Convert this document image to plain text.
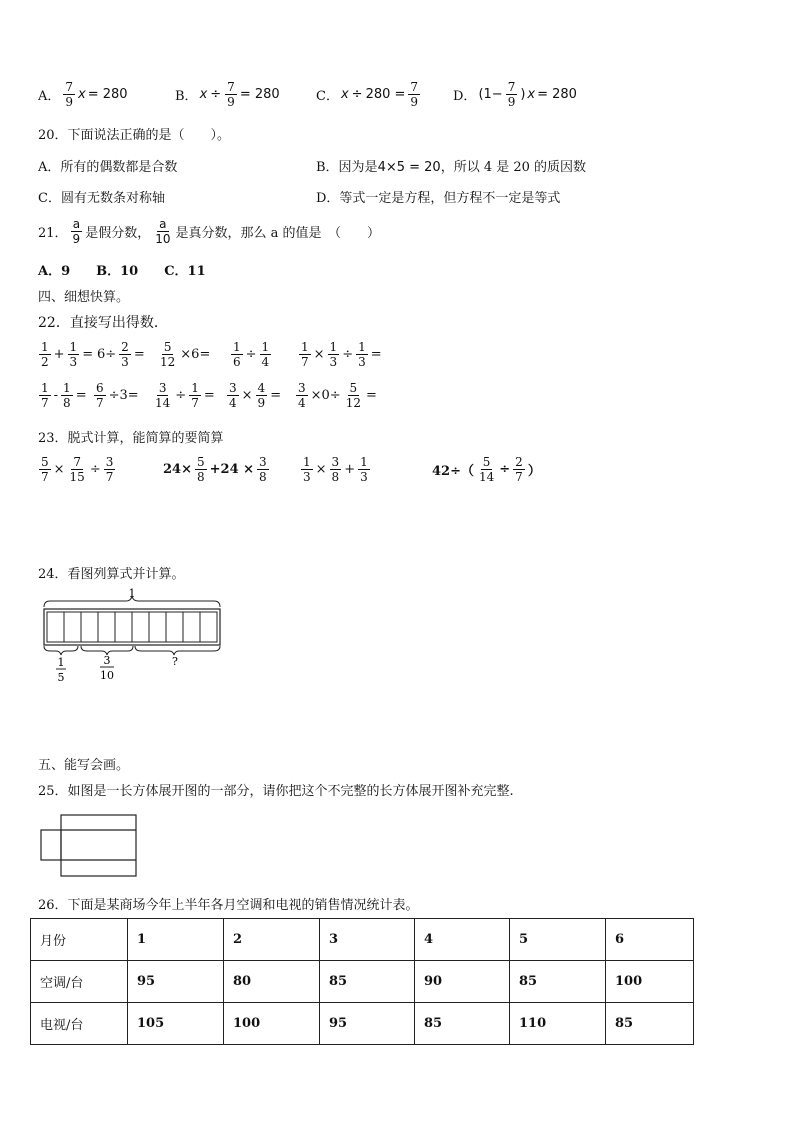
A． $\frac{7}{9}$ x = 280	B． $x \div \frac{7}{9} = 280$	C． $x \div 280 = \frac{7}{9}$	D． ($1- \frac{7}{9}$ ) x = 280
20．下面说法正确的是（　　）。
A．所有的偶数都是合数	B．因为是4×5 = 20，所以 4 是 20 的质因数
C．圆有无数条对称轴	D．等式一定是方程，但方程不一定是等式
21． $\frac{a}{9}$ 是假分数， $\frac{a}{10}$ 是真分数，那么 a 的值是　（　　）
A．9　　B．10　　C．11
四、细想快算。
22．直接写出得数．
$\frac{1}{2} + \frac{1}{3} = 6\div \frac{2}{3} = \frac{5}{12} \times 6= \frac{1}{6} \div \frac{1}{4} \frac{1}{7} \times \frac{1}{3} \div \frac{1}{3}$ =
$\frac{1}{7} - \frac{1}{8} = \frac{6}{7} \div 3= \frac{3}{14} \div \frac{1}{7} = \frac{3}{4} \times \frac{4}{9} = \frac{3}{4} \times 0\div \frac{5}{12}$ =
23．脱式计算，能简算的要简算
$\frac{5}{7} \times \frac{7}{15} \div \frac{3}{7}$	$24\times \frac{5}{8} +24 \times \frac{3}{8}$	$\frac{1}{3} \times \frac{3}{8} + \frac{1}{3}$	$42\div( \frac{5}{14} \div \frac{2}{7}$ ）
24．看图列算式并计算。
1
1
5
3
10
?
五、能写会画。
25．如图是一长方体展开图的一部分，请你把这个不完整的长方体展开图补充完整.
26．下面是某商场今年上半年各月空调和电视的销售情况统计表。
月份	1	2	3	4	5	6
空调/台	95	80	85	90	85	100
电视/台	105	100	95	85	110	85
